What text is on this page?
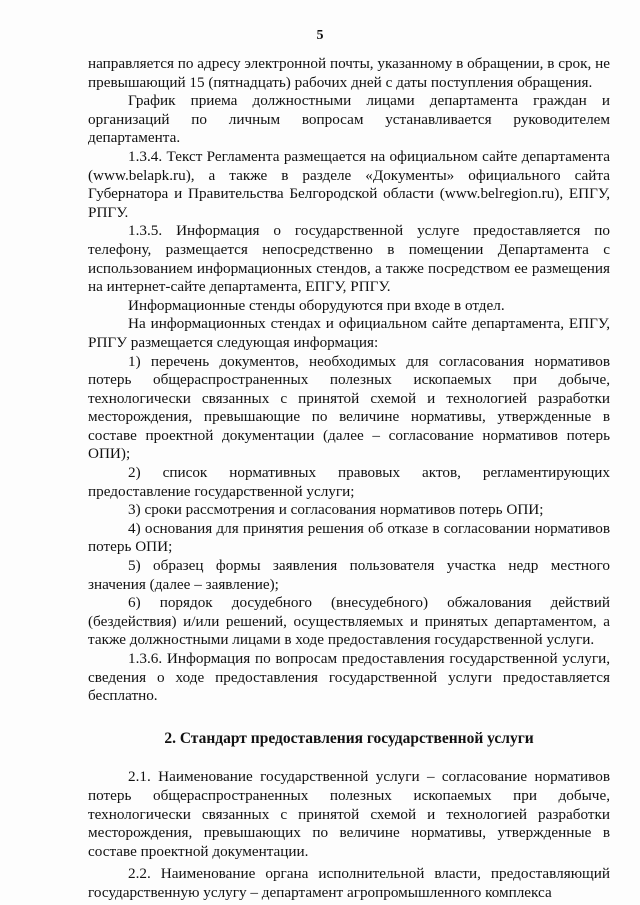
5

направляется по адресу электронной почты, указанному в обращении, в срок, не превышающий 15 (пятнадцать) рабочих дней с даты поступления обращения.

График приема должностными лицами департамента граждан и организаций по личным вопросам устанавливается руководителем департамента.

1.3.4. Текст Регламента размещается на официальном сайте департамента (www.belapk.ru), а также в разделе «Документы» официального сайта Губернатора и Правительства Белгородской области (www.belregion.ru), ЕПГУ, РПГУ.

1.3.5. Информация о государственной услуге предоставляется по телефону, размещается непосредственно в помещении Департамента с использованием информационных стендов, а также посредством ее размещения на интернет-сайте департамента, ЕПГУ, РПГУ.

Информационные стенды оборудуются при входе в отдел.

На информационных стендах и официальном сайте департамента, ЕПГУ, РПГУ размещается следующая информация:

1) перечень документов, необходимых для согласования нормативов потерь общераспространенных полезных ископаемых при добыче, технологически связанных с принятой схемой и технологией разработки месторождения, превышающие по величине нормативы, утвержденные в составе проектной документации (далее – согласование нормативов потерь ОПИ);

2) список нормативных правовых актов, регламентирующих предоставление государственной услуги;

3) сроки рассмотрения и согласования нормативов потерь ОПИ;

4) основания для принятия решения об отказе в согласовании нормативов потерь ОПИ;

5) образец формы заявления пользователя участка недр местного значения (далее – заявление);

6) порядок досудебного (внесудебного) обжалования действий (бездействия) и/или решений, осуществляемых и принятых департаментом, а также должностными лицами в ходе предоставления государственной услуги.

1.3.6. Информация по вопросам предоставления государственной услуги, сведения о ходе предоставления государственной услуги предоставляется бесплатно.

2. Стандарт предоставления государственной услуги

2.1. Наименование государственной услуги – согласование нормативов потерь общераспространенных полезных ископаемых при добыче, технологически связанных с принятой схемой и технологией разработки месторождения, превышающих по величине нормативы, утвержденные в составе проектной документации.

2.2. Наименование органа исполнительной власти, предоставляющий государственную услугу – департамент агропромышленного комплекса
